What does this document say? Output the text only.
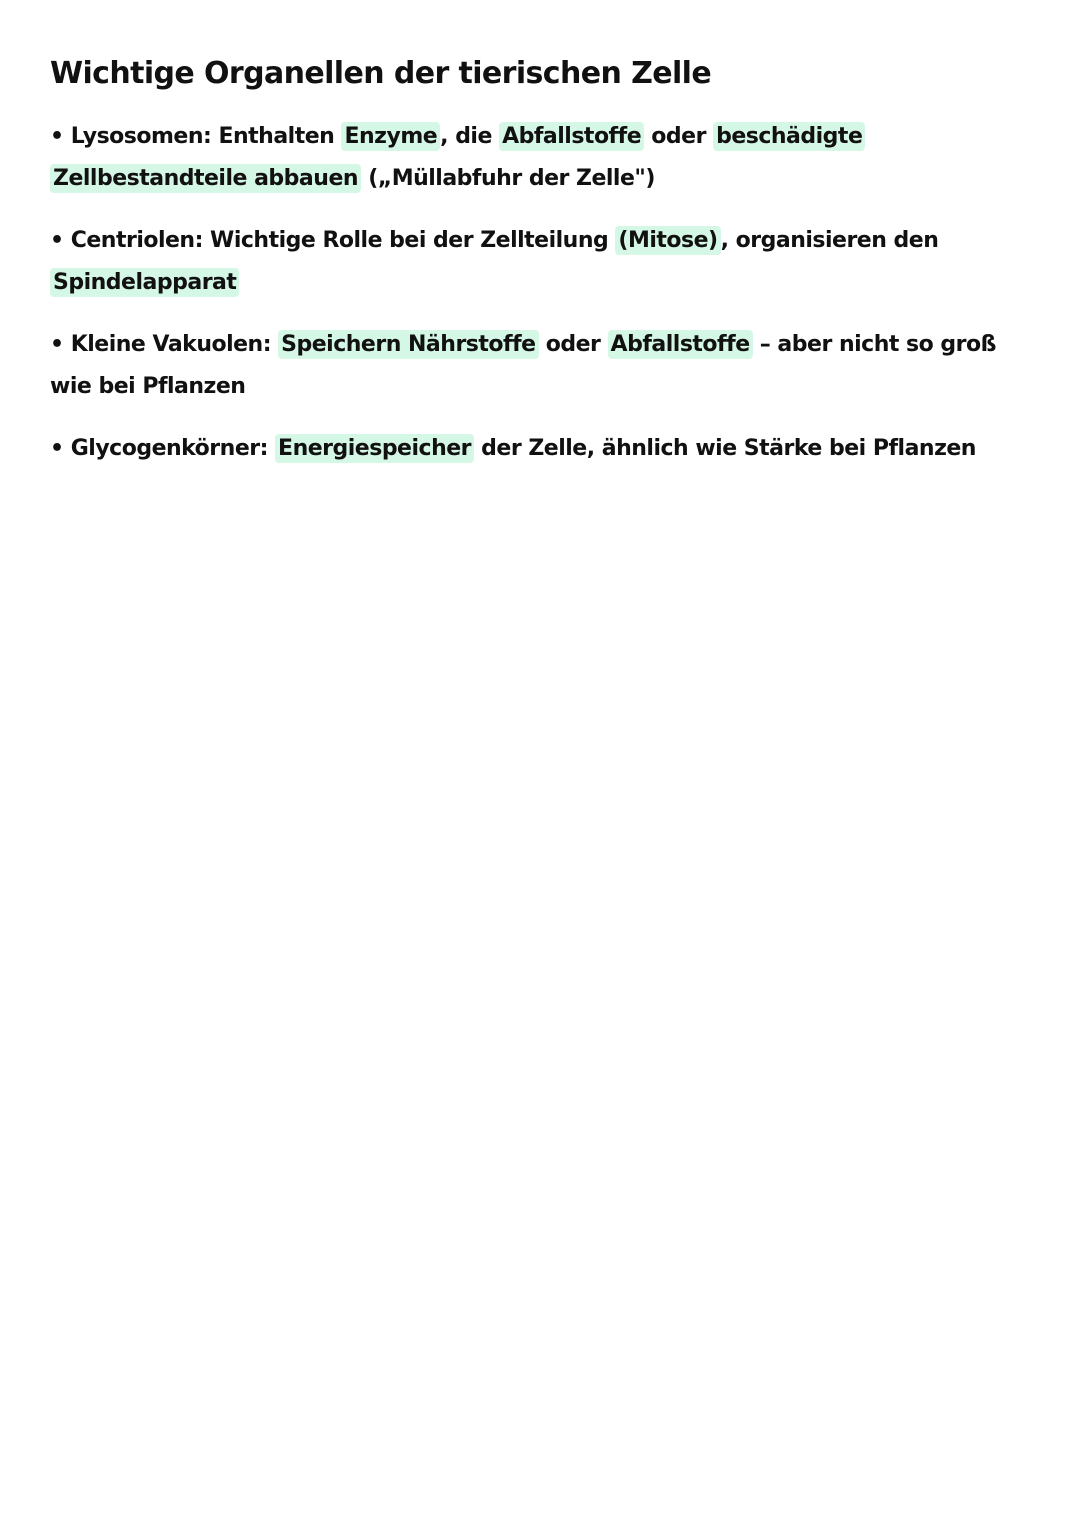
Wichtige Organellen der tierischen Zelle

• Lysosomen: Enthalten Enzyme , die Abfallstoffe oder beschädigte Zellbestandteile abbauen („Müllabfuhr der Zelle")

• Centriolen: Wichtige Rolle bei der Zellteilung (Mitose) , organisieren den Spindelapparat

• Kleine Vakuolen: Speichern Nährstoffe oder Abfallstoffe – aber nicht so groß wie bei Pflanzen

• Glycogenkörner: Energiespeicher der Zelle, ähnlich wie Stärke bei Pflanzen
